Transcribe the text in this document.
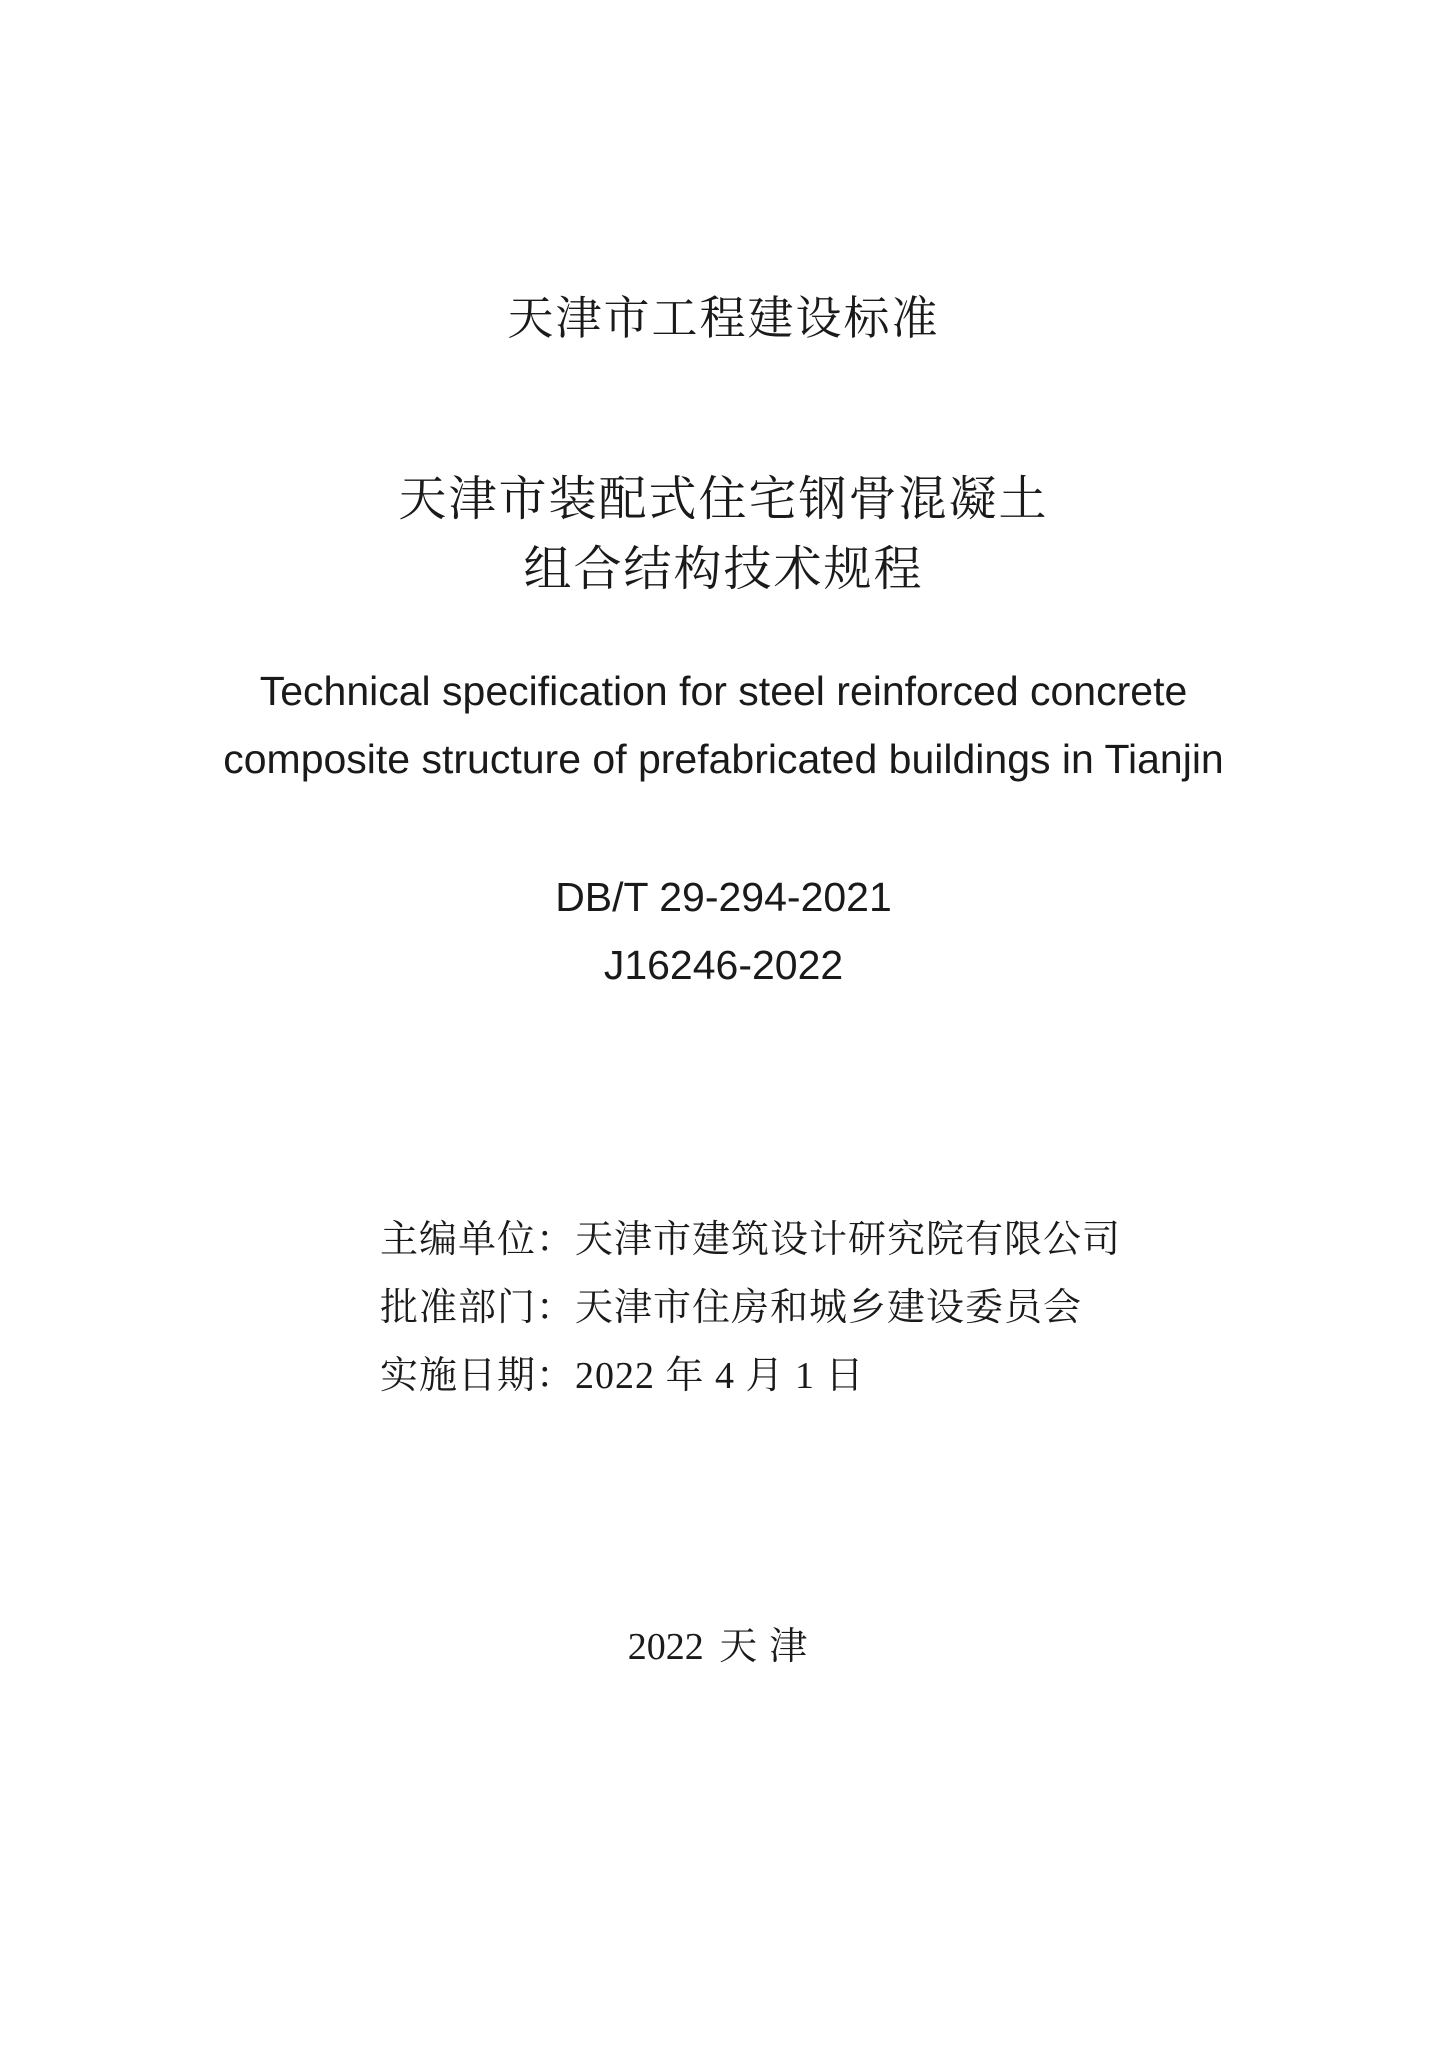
天津市工程建设标准
天津市装配式住宅钢骨混凝土
组合结构技术规程
Technical specification for steel reinforced concrete
composite structure of prefabricated buildings in Tianjin
DB/T 29-294-2021
J16246-2022
主编单位：天津市建筑设计研究院有限公司
批准部门：天津市住房和城乡建设委员会
实施日期：2022 年 4 月 1 日
2022 天津
